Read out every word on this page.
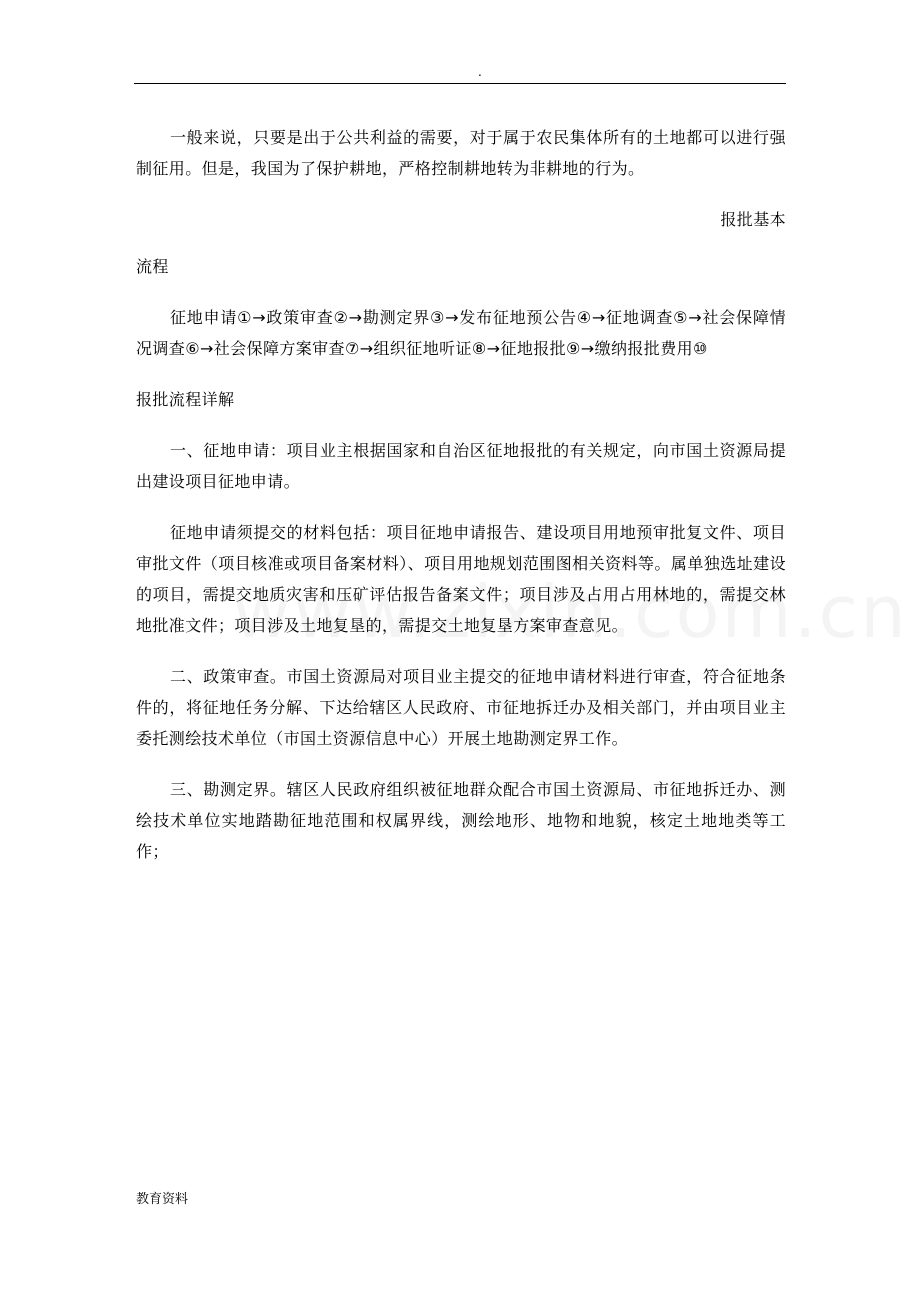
.

一般来说，只要是出于公共利益的需要，对于属于农民集体所有的土地都可以进行强制征用。但是，我国为了保护耕地，严格控制耕地转为非耕地的行为。

报批基本

流程

征地申请①→政策审查②→勘测定界③→发布征地预公告④→征地调查⑤→社会保障情况调查⑥→社会保障方案审查⑦→组织征地听证⑧→征地报批⑨→缴纳报批费用⑩

报批流程详解

一、征地申请：项目业主根据国家和自治区征地报批的有关规定，向市国土资源局提出建设项目征地申请。

征地申请须提交的材料包括：项目征地申请报告、建设项目用地预审批复文件、项目审批文件（项目核准或项目备案材料）、项目用地规划范围图相关资料等。属单独选址建设的项目，需提交地质灾害和压矿评估报告备案文件；项目涉及占用占用林地的，需提交林地批准文件；项目涉及土地复垦的，需提交土地复垦方案审查意见。

二、政策审查。市国土资源局对项目业主提交的征地申请材料进行审查，符合征地条件的，将征地任务分解、下达给辖区人民政府、市征地拆迁办及相关部门，并由项目业主委托测绘技术单位（市国土资源信息中心）开展土地勘测定界工作。

三、勘测定界。辖区人民政府组织被征地群众配合市国土资源局、市征地拆迁办、测绘技术单位实地踏勘征地范围和权属界线，测绘地形、地物和地貌，核定土地地类等工作；

教育资料
